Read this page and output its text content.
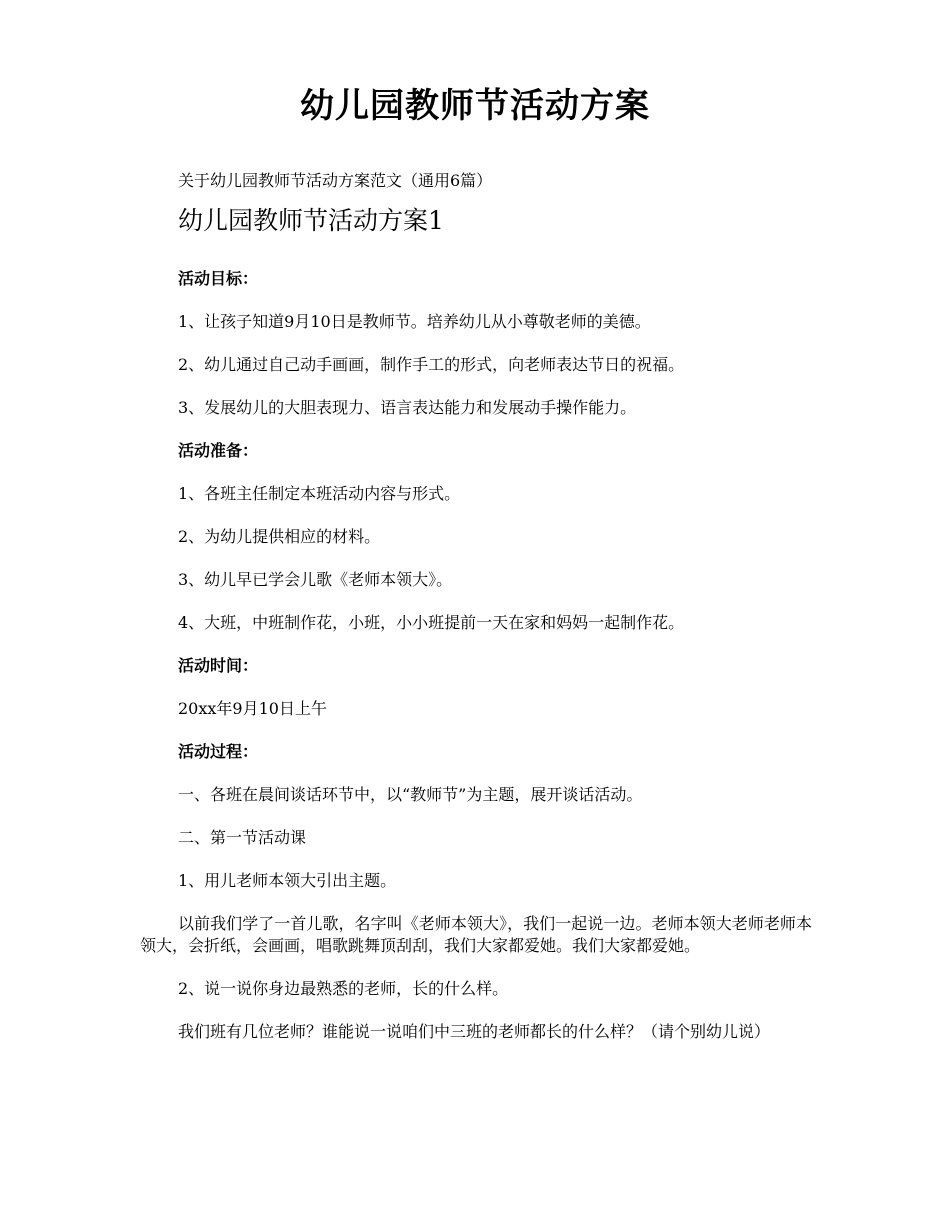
幼儿园教师节活动方案
关于幼儿园教师节活动方案范文（通用6篇）
幼儿园教师节活动方案1
活动目标：
1、让孩子知道9月10日是教师节。培养幼儿从小尊敬老师的美德。
2、幼儿通过自己动手画画，制作手工的形式，向老师表达节日的祝福。
3、发展幼儿的大胆表现力、语言表达能力和发展动手操作能力。
活动准备：
1、各班主任制定本班活动内容与形式。
2、为幼儿提供相应的材料。
3、幼儿早已学会儿歌《老师本领大》。
4、大班，中班制作花，小班，小小班提前一天在家和妈妈一起制作花。
活动时间：
20xx年9月10日上午
活动过程：
一、各班在晨间谈话环节中，以“教师节”为主题，展开谈话活动。
二、第一节活动课
1、用儿老师本领大引出主题。
以前我们学了一首儿歌，名字叫《老师本领大》，我们一起说一边。老师本领大老师老师本领大，会折纸，会画画，唱歌跳舞顶刮刮，我们大家都爱她。我们大家都爱她。
2、说一说你身边最熟悉的老师，长的什么样。
我们班有几位老师？谁能说一说咱们中三班的老师都长的什么样？（请个别幼儿说）
